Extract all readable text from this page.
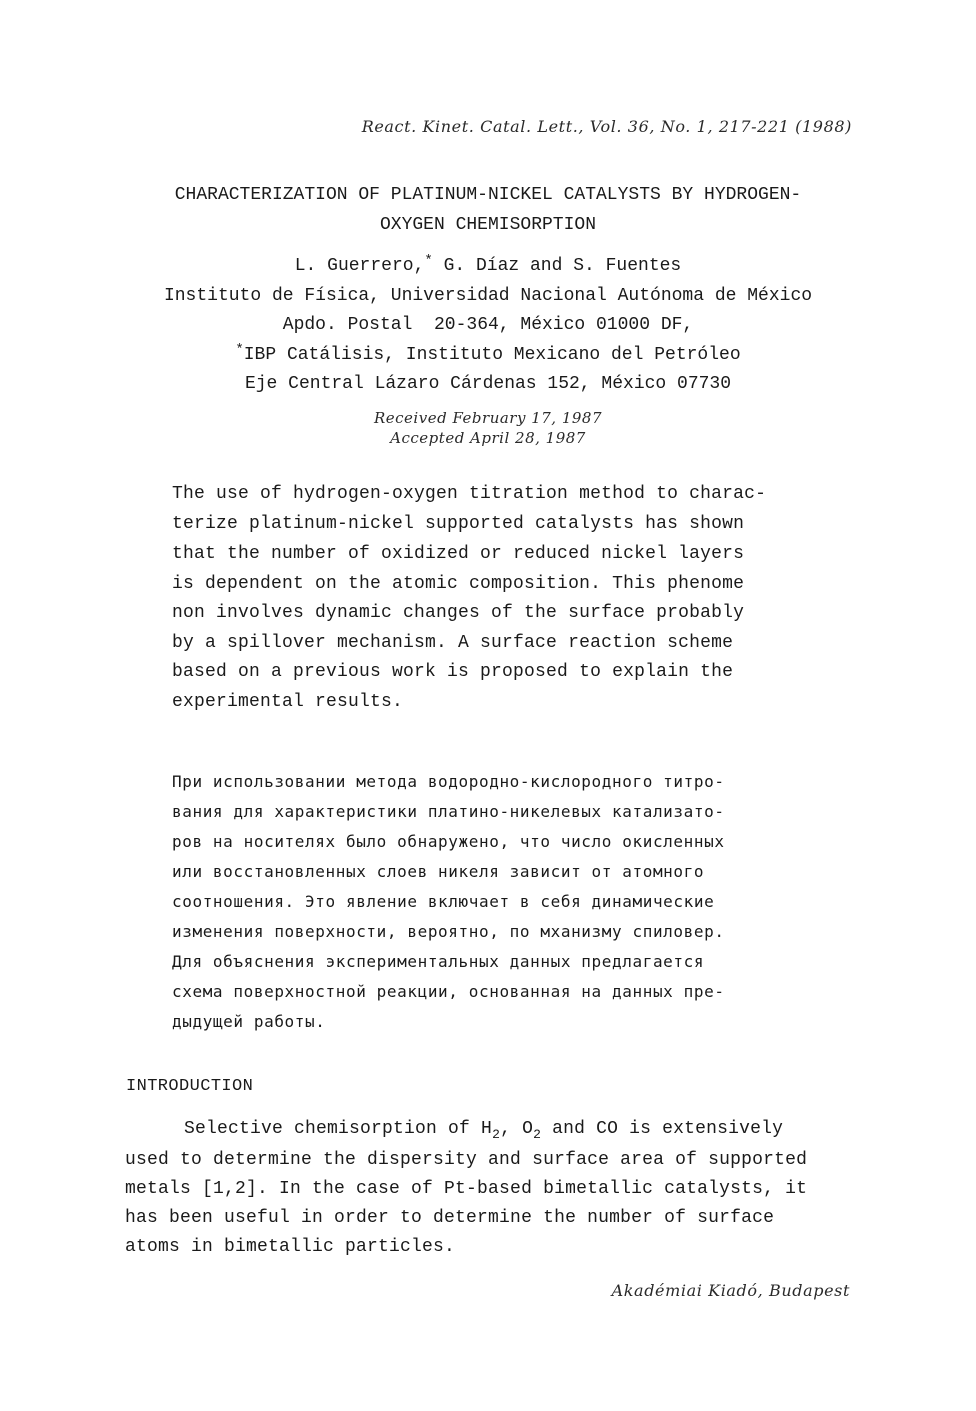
React. Kinet. Catal. Lett., Vol. 36, No. 1, 217-221 (1988)
CHARACTERIZATION OF PLATINUM-NICKEL CATALYSTS BY HYDROGEN-
OXYGEN CHEMISORPTION
L. Guerrero,* G. Díaz and S. Fuentes
Instituto de Física, Universidad Nacional Autónoma de México
Apdo. Postal  20-364, México 01000 DF,
*IBP Catálisis, Instituto Mexicano del Petróleo
Eje Central Lázaro Cárdenas 152, México 07730
Received February 17, 1987
Accepted April 28, 1987
The use of hydrogen-oxygen titration method to charac-
terize platinum-nickel supported catalysts has shown
that the number of oxidized or reduced nickel layers
is dependent on the atomic composition. This phenome
non involves dynamic changes of the surface probably
by a spillover mechanism. A surface reaction scheme
based on a previous work is proposed to explain the
experimental results.
При использовании метода водородно-кислородного титро-
вания для характеристики платино-никелевых катализато-
ров на носителях было обнаружено, что число окисленных
или восстановленных слоев никеля зависит от атомного
соотношения. Это явление включает в себя динамические
изменения поверхности, вероятно, по мханизму спиловер.
Для объяснения экспериментальных данных предлагается
схема поверхностной реакции, основанная на данных пре-
дыдущей работы.
INTRODUCTION
Selective chemisorption of $H_2$, $O_2$ and CO is extensively
used to determine the dispersity and surface area of supported
metals [1,2]. In the case of Pt-based bimetallic catalysts, it
has been useful in order to determine the number of surface
atoms in bimetallic particles.
Akadémiai Kiadó, Budapest
